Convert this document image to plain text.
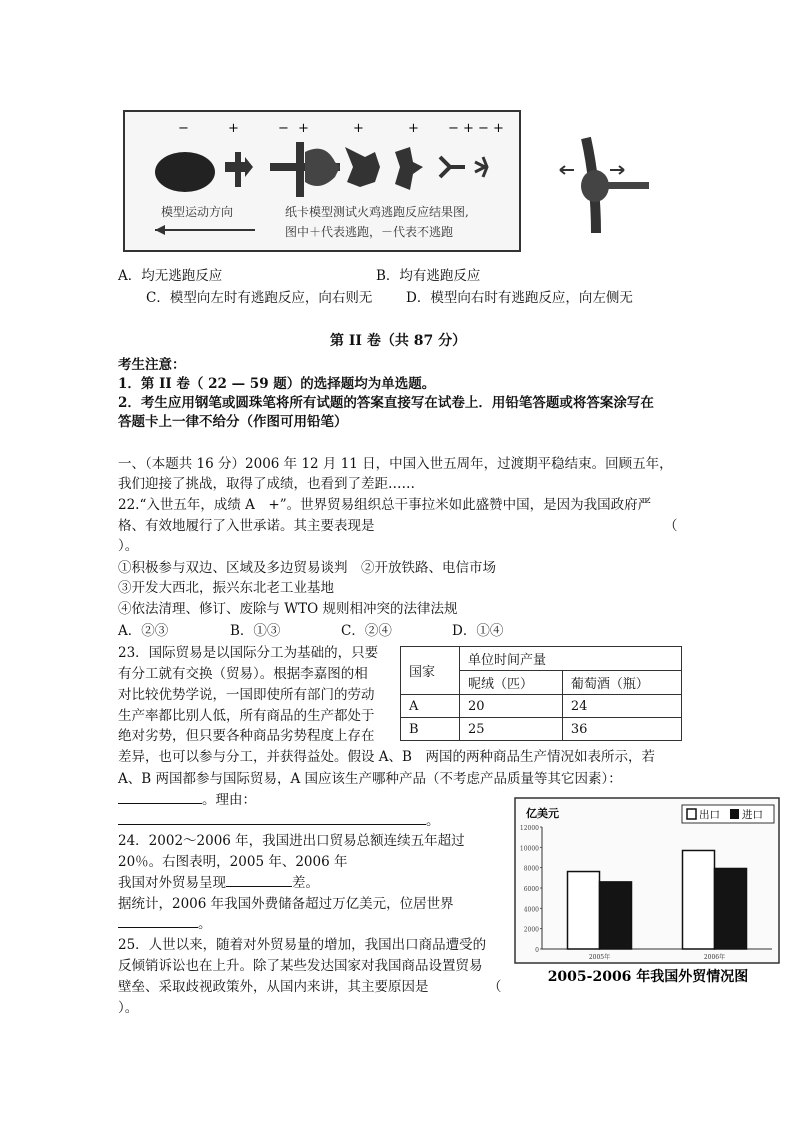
−	+	− +	+	+ − + − +
模型运动方向	纸卡模型测试火鸡逃跑反应结果图,
图中＋代表逃跑，－代表不逃跑
A．均无逃跑反应	B．均有逃跑反应
C．模型向左时有逃跑反应，向右则无 D．模型向右时有逃跑反应，向左侧无
第 II 卷（共 87 分）
考生注意：
1．第 II 卷（ 22 — 59 题）的选择题均为单选题。
2．考生应用钢笔或圆珠笔将所有试题的答案直接写在试卷上．用铅笔答题或将答案涂写在
答题卡上一律不给分（作图可用铅笔）
一、（本题共 16 分）2006 年 12 月 11 日，中国入世五周年，过渡期平稳结束。回顾五年，
我们迎接了挑战，取得了成绩，也看到了差距……
22.“入世五年，成绩 A　+”。世界贸易组织总干事拉米如此盛赞中国，是因为我国政府严
格、有效地履行了入世承诺。其主要表现是	（
）。
①积极参与双边、区域及多边贸易谈判　②开放铁路、电信市场
③开发大西北，振兴东北老工业基地
④依法清理、修订、废除与 WTO 规则相冲突的法律法规
A．②③	B．①③	C．②④	D．①④
23．国际贸易是以国际分工为基础的，只要
有分工就有交换（贸易）。根据李嘉图的相
对比较优势学说，一国即使所有部门的劳动
生产率都比别人低，所有商品的生产都处于
绝对劣势，但只要各种商品劣势程度上存在
差异，也可以参与分工，并获得益处。假设 A、B　两国的两种商品生产情况如表所示，若
A、B 两国都参与国际贸易，A 国应该生产哪种产品（不考虑产品质量等其它因素）：
。理由：
。
国家	单位时间产量	
	呢绒（匹）	葡萄酒（瓶）
A	20	24
B	25	36
24．2002～2006 年，我国进出口贸易总额连续五年超过
20％。右图表明，2005 年、2006 年
我国对外贸易呈现	差。
据统计，2006 年我国外费储备超过万亿美元，位居世界
。
25．人世以来，随着对外贸易量的增加，我国出口商品遭受的
反倾销诉讼也在上升。除了某些发达国家对我国商品设置贸易
壁垒、采取歧视政策外，从国内来讲，其主要原因是	（
）。
亿美元	出口 进口
12000
10000
8000
6000
4000
2000
0
2005年	2006年
2005-2006 年我国外贸情况图
